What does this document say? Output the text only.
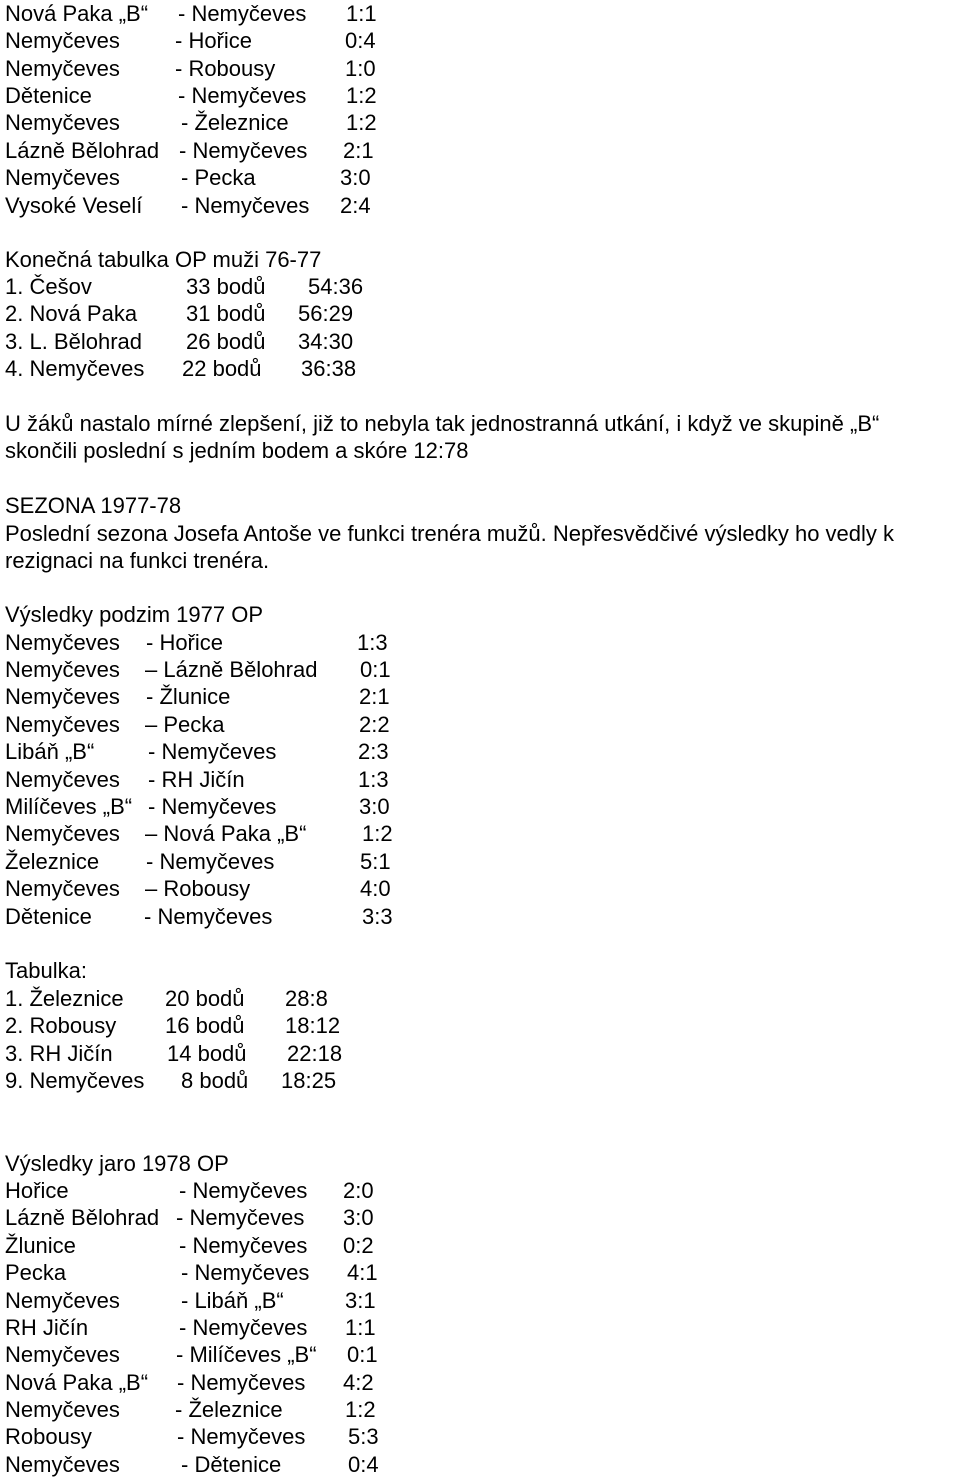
Nová Paka „B“ - Nemyčeves 1:1
Nemyčeves	- Hořice	0:4
Nemyčeves	- Robousy	1:0
Dětenice	- Nemyčeves 1:2
Nemyčeves	- Železnice	1:2
Lázně Bělohrad - Nemyčeves 2:1
Nemyčeves	- Pecka	3:0
Vysoké Veselí - Nemyčeves 2:4
Konečná tabulka OP muži 76-77
1. Češov	33 bodů 54:36
2. Nová Paka 31 bodů 56:29
3. L. Bělohrad 26 bodů 34:30
4. Nemyčeves 22 bodů 36:38
U žáků nastalo mírné zlepšení, již to nebyla tak jednostranná utkání, i když ve skupině „B“ skončili poslední s jedním bodem a skóre 12:78
SEZONA 1977-78
Poslední sezona Josefa Antoše ve funkci trenéra mužů. Nepřesvědčivé výsledky ho vedly k rezignaci na funkci trenéra.
Výsledky podzim 1977 OP
Nemyčeves - Hořice	1:3
Nemyčeves – Lázně Bělohrad 0:1
Nemyčeves - Žlunice	2:1
Nemyčeves – Pecka	2:2
Libáň „B“ - Nemyčeves	2:3
Nemyčeves - RH Jičín	1:3
Milíčeves „B“ - Nemyčeves	3:0
Nemyčeves – Nová Paka „B“	1:2
Železnice - Nemyčeves	5:1
Nemyčeves – Robousy	4:0
Dětenice - Nemyčeves	3:3
Tabulka:
1. Železnice 20 bodů 28:8
2. Robousy 16 bodů 18:12
3. RH Jičín 14 bodů 22:18
9. Nemyčeves 8 bodů 18:25
Výsledky jaro 1978 OP
Hořice	- Nemyčeves 2:0
Lázně Bělohrad - Nemyčeves 3:0
Žlunice	- Nemyčeves 0:2
Pecka	- Nemyčeves 4:1
Nemyčeves	- Libáň „B“	3:1
RH Jičín	- Nemyčeves 1:1
Nemyčeves	- Milíčeves „B“ 0:1
Nová Paka „B“ - Nemyčeves 4:2
Nemyčeves	- Železnice	1:2
Robousy	- Nemyčeves 5:3
Nemyčeves	- Dětenice	0:4
